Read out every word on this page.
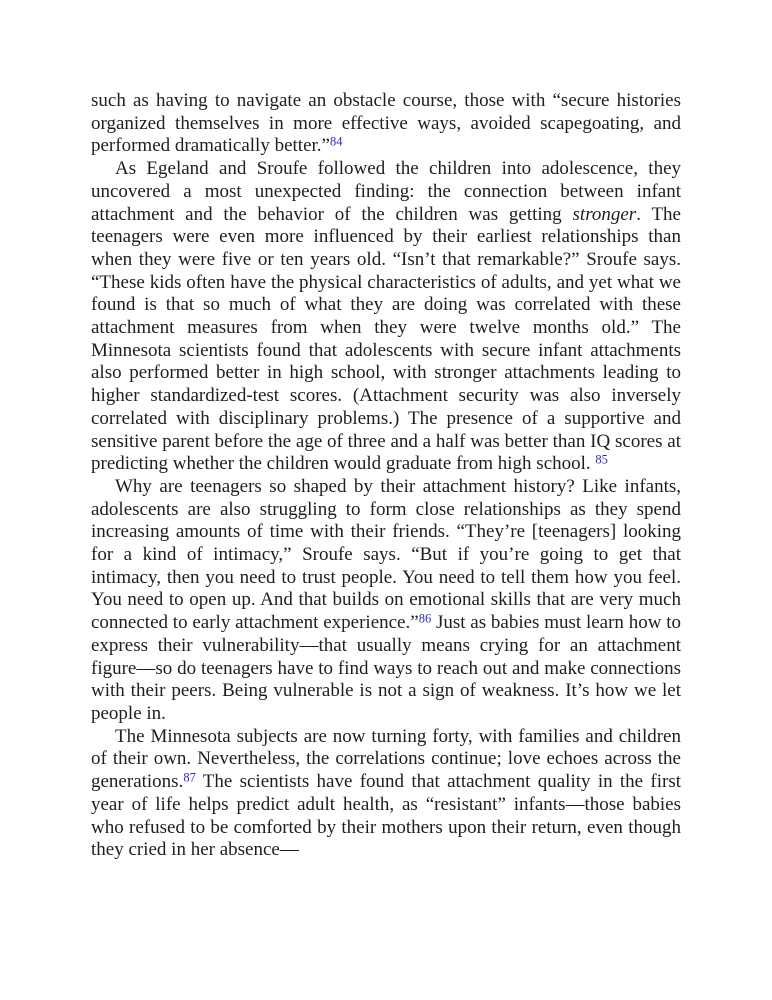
such as having to navigate an obstacle course, those with “secure histories organized themselves in more effective ways, avoided scapegoating, and performed dramatically better.”$^{84}$

As Egeland and Sroufe followed the children into adolescence, they uncovered a most unexpected finding: the connection between infant attachment and the behavior of the children was getting stronger. The teenagers were even more influenced by their earliest relationships than when they were five or ten years old. “Isn’t that remarkable?” Sroufe says. “These kids often have the physical characteristics of adults, and yet what we found is that so much of what they are doing was correlated with these attachment measures from when they were twelve months old.” The Minnesota scientists found that adolescents with secure infant attachments also performed better in high school, with stronger attachments leading to higher standardized-test scores. (Attachment security was also inversely correlated with disciplinary problems.) The presence of a supportive and sensitive parent before the age of three and a half was better than IQ scores at predicting whether the children would graduate from high school. $^{85}$

Why are teenagers so shaped by their attachment history? Like infants, adolescents are also struggling to form close relationships as they spend increasing amounts of time with their friends. “They’re [teenagers] looking for a kind of intimacy,” Sroufe says. “But if you’re going to get that intimacy, then you need to trust people. You need to tell them how you feel. You need to open up. And that builds on emotional skills that are very much connected to early attachment experience.”$^{86}$ Just as babies must learn how to express their vulnerability—that usually means crying for an attachment figure—so do teenagers have to find ways to reach out and make connections with their peers. Being vulnerable is not a sign of weakness. It’s how we let people in.

The Minnesota subjects are now turning forty, with families and children of their own. Nevertheless, the correlations continue; love echoes across the generations.$^{87}$ The scientists have found that attachment quality in the first year of life helps predict adult health, as “resistant” infants—those babies who refused to be comforted by their mothers upon their return, even though they cried in her absence—
